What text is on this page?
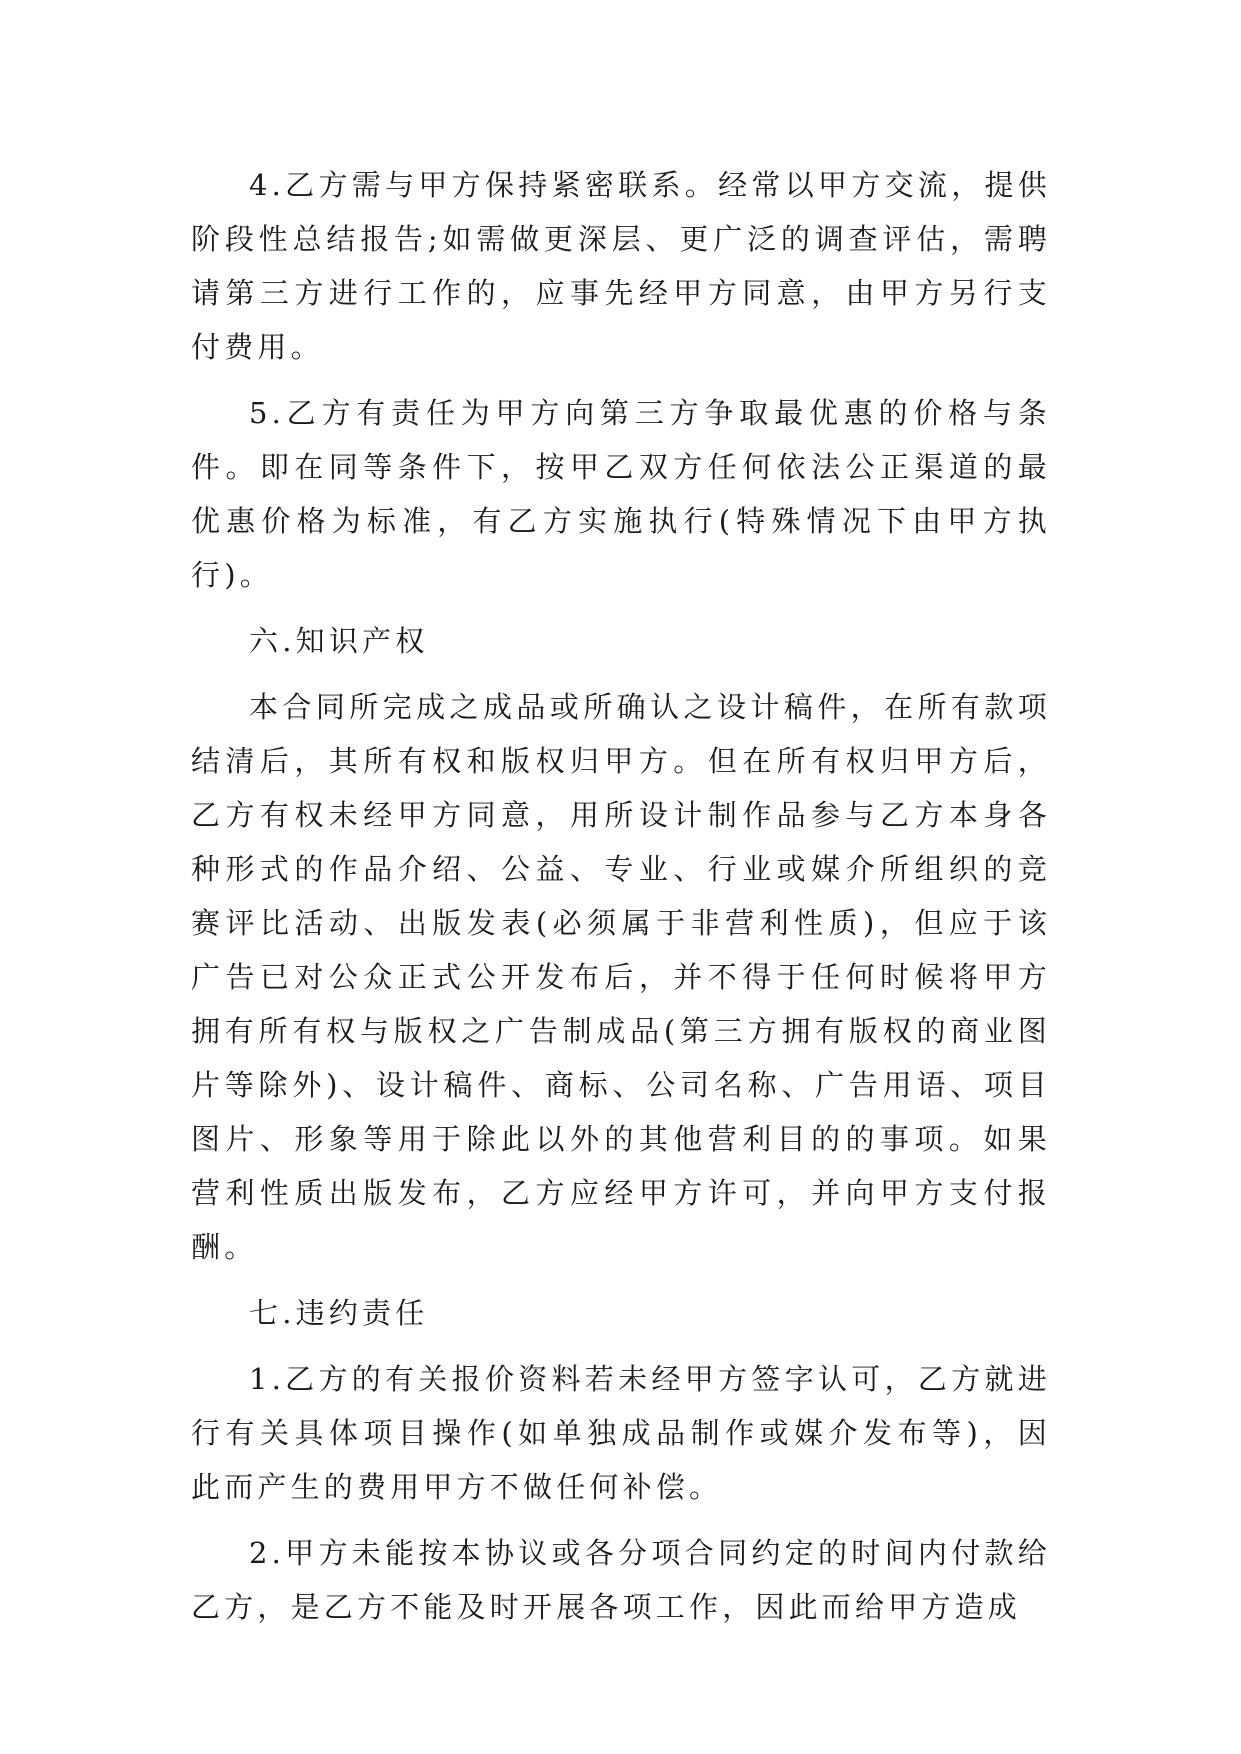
4.乙方需与甲方保持紧密联系。经常以甲方交流，提供阶段性总结报告;如需做更深层、更广泛的调查评估，需聘请第三方进行工作的，应事先经甲方同意，由甲方另行支付费用。

5.乙方有责任为甲方向第三方争取最优惠的价格与条件。即在同等条件下，按甲乙双方任何依法公正渠道的最优惠价格为标准，有乙方实施执行(特殊情况下由甲方执行)。

六.知识产权

本合同所完成之成品或所确认之设计稿件，在所有款项结清后，其所有权和版权归甲方。但在所有权归甲方后，乙方有权未经甲方同意，用所设计制作品参与乙方本身各种形式的作品介绍、公益、专业、行业或媒介所组织的竞赛评比活动、出版发表(必须属于非营利性质)，但应于该广告已对公众正式公开发布后，并不得于任何时候将甲方拥有所有权与版权之广告制成品(第三方拥有版权的商业图片等除外)、设计稿件、商标、公司名称、广告用语、项目图片、形象等用于除此以外的其他营利目的的事项。如果营利性质出版发布，乙方应经甲方许可，并向甲方支付报酬。

七.违约责任

1.乙方的有关报价资料若未经甲方签字认可，乙方就进行有关具体项目操作(如单独成品制作或媒介发布等)，因此而产生的费用甲方不做任何补偿。

2.甲方未能按本协议或各分项合同约定的时间内付款给乙方，是乙方不能及时开展各项工作，因此而给甲方造成
